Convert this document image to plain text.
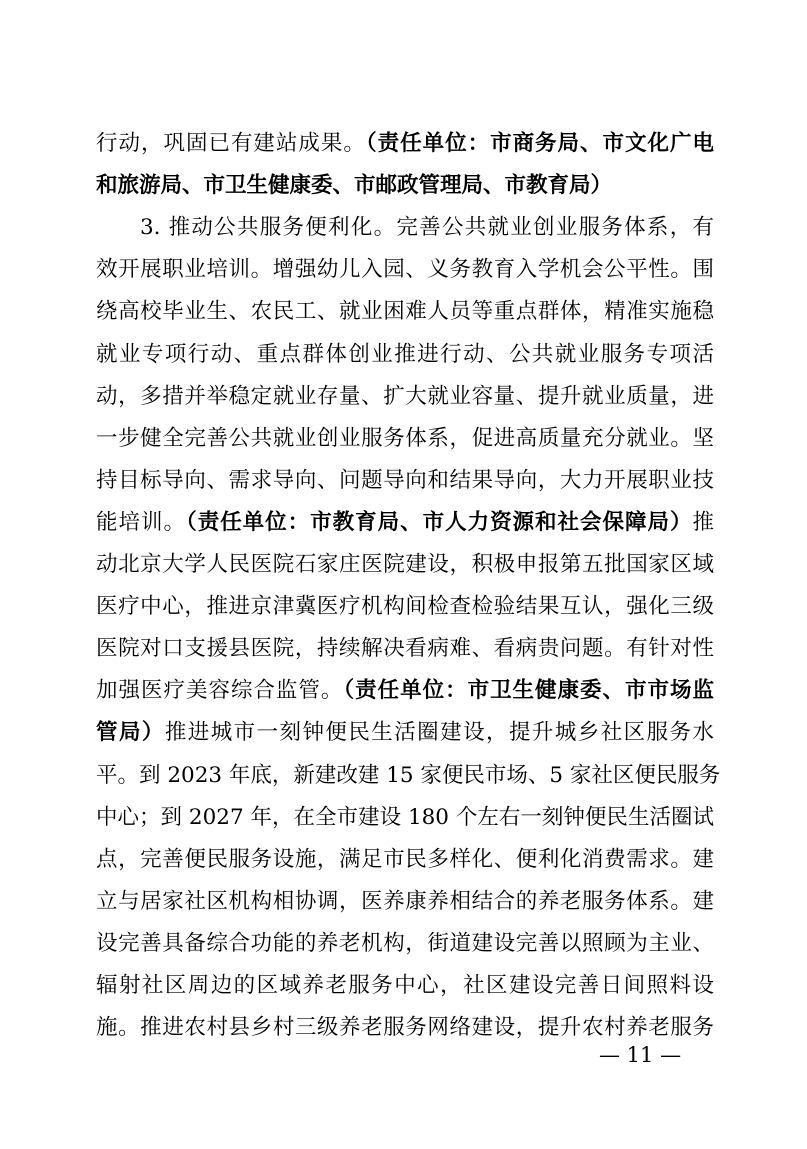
行动，巩固已有建站成果。（责任单位：市商务局、市文化广电
和旅游局、市卫生健康委、市邮政管理局、市教育局）
3. 推动公共服务便利化。完善公共就业创业服务体系，有
效开展职业培训。增强幼儿入园、义务教育入学机会公平性。围
绕高校毕业生、农民工、就业困难人员等重点群体，精准实施稳
就业专项行动、重点群体创业推进行动、公共就业服务专项活
动，多措并举稳定就业存量、扩大就业容量、提升就业质量，进
一步健全完善公共就业创业服务体系，促进高质量充分就业。坚
持目标导向、需求导向、问题导向和结果导向，大力开展职业技
能培训。（责任单位：市教育局、市人力资源和社会保障局）推
动北京大学人民医院石家庄医院建设，积极申报第五批国家区域
医疗中心，推进京津冀医疗机构间检查检验结果互认，强化三级
医院对口支援县医院，持续解决看病难、看病贵问题。有针对性
加强医疗美容综合监管。（责任单位：市卫生健康委、市市场监
管局）推进城市一刻钟便民生活圈建设，提升城乡社区服务水
平。到 2023 年底，新建改建 15 家便民市场、5 家社区便民服务
中心；到 2027 年，在全市建设 180 个左右一刻钟便民生活圈试
点，完善便民服务设施，满足市民多样化、便利化消费需求。建
立与居家社区机构相协调，医养康养相结合的养老服务体系。建
设完善具备综合功能的养老机构，街道建设完善以照顾为主业、
辐射社区周边的区域养老服务中心，社区建设完善日间照料设
施。推进农村县乡村三级养老服务网络建设，提升农村养老服务
— 11 —
